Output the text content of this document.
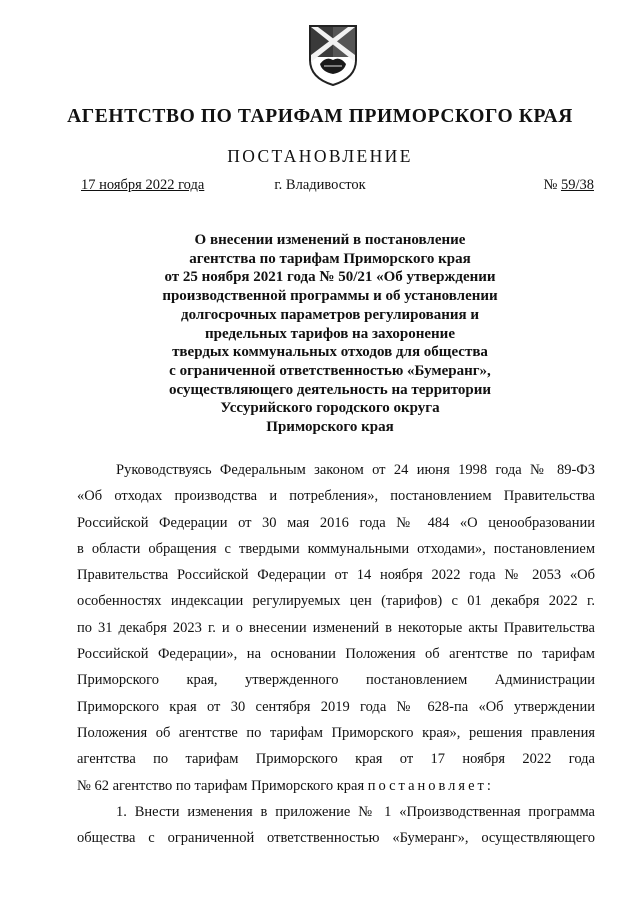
АГЕНТСТВО ПО ТАРИФАМ ПРИМОРСКОГО КРАЯ
ПОСТАНОВЛЕНИЕ
17 ноября 2022 года	г. Владивосток	№ 59/38
О внесении изменений в постановление
агентства по тарифам Приморского края
от 25 ноября 2021 года № 50/21 «Об утверждении
производственной программы и об установлении
долгосрочных параметров регулирования и
предельных тарифов на захоронение
твердых коммунальных отходов для общества
с ограниченной ответственностью «Бумеранг»,
осуществляющего деятельность на территории
Уссурийского городского округа
Приморского края
Руководствуясь Федеральным законом от 24 июня 1998 года № 89-ФЗ
«Об отходах производства и потребления», постановлением Правительства
Российской Федерации от 30 мая 2016 года № 484 «О ценообразовании
в области обращения с твердыми коммунальными отходами», постановлением
Правительства Российской Федерации от 14 ноября 2022 года № 2053 «Об
особенностях индексации регулируемых цен (тарифов) с 01 декабря 2022 г.
по 31 декабря 2023 г. и о внесении изменений в некоторые акты Правительства
Российской Федерации», на основании Положения об агентстве по тарифам
Приморского края, утвержденного постановлением Администрации
Приморского края от 30 сентября 2019 года № 628-па «Об утверждении
Положения об агентстве по тарифам Приморского края», решения правления
агентства по тарифам Приморского края от 17 ноября 2022 года
№ 62 агентство по тарифам Приморского края постановляет:
1. Внести изменения в приложение № 1 «Производственная программа
общества с ограниченной ответственностью «Бумеранг», осуществляющего
